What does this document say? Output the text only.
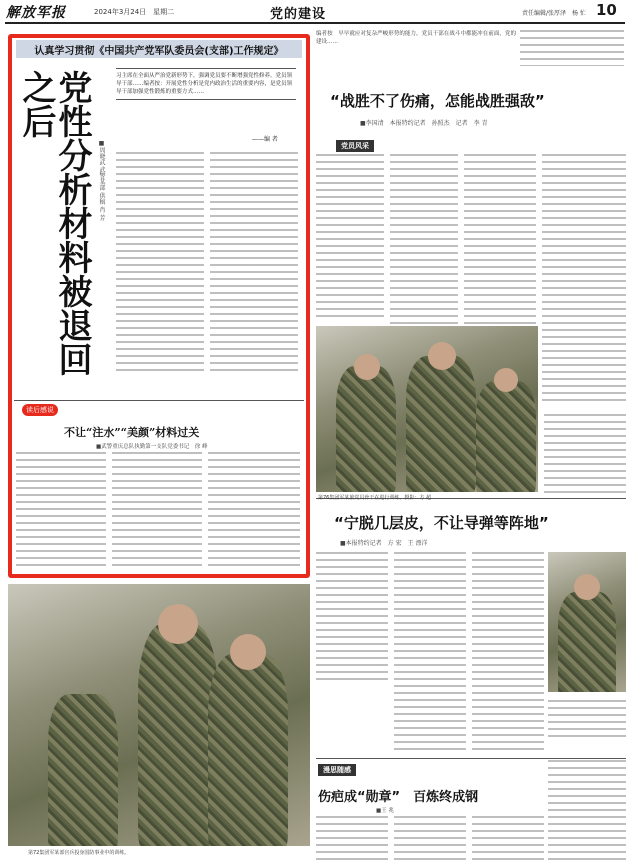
解放军报	2024年3月24日　星期二	党的建设	责任编辑/张厚泽　杨 忙 10
认真学习贯彻《中国共产党军队委员会(支部)工作规定》
党性分析材料被退回之后
■周晓武 武警某部 供稿 肖 芳
习主席在全面从严治党新形势下，强调党员要不断增强党性修养。党员领导干部……编者按：开展党性分析是党内政治生活的重要内容，是党员领导干部加强党性锻炼的重要方式……
——编 者
读后感说
不让“注水”“美颜”材料过关
■武警重庆总队执勤第一支队党委书记　徐 峰
编者按　早早就应对复杂严峻形势的能力，党员干部在战斗中都能冲在前面，党的建设……
“战胜不了伤痛，怎能战胜强敌”
■李国清　本报特约记者　孙照杰　记者　李 青
党员风采
“宁脱几层皮，不让导弹等阵地”
■本报特约记者　方 宏　王 漂洋
第72集团军某部官兵投身国防事业中的训练。
漫思随感
伤疤成“勋章”　百炼终成钢
■王 兆
第76集团军某旅党员骨干在进行训练。摄影：方 超
